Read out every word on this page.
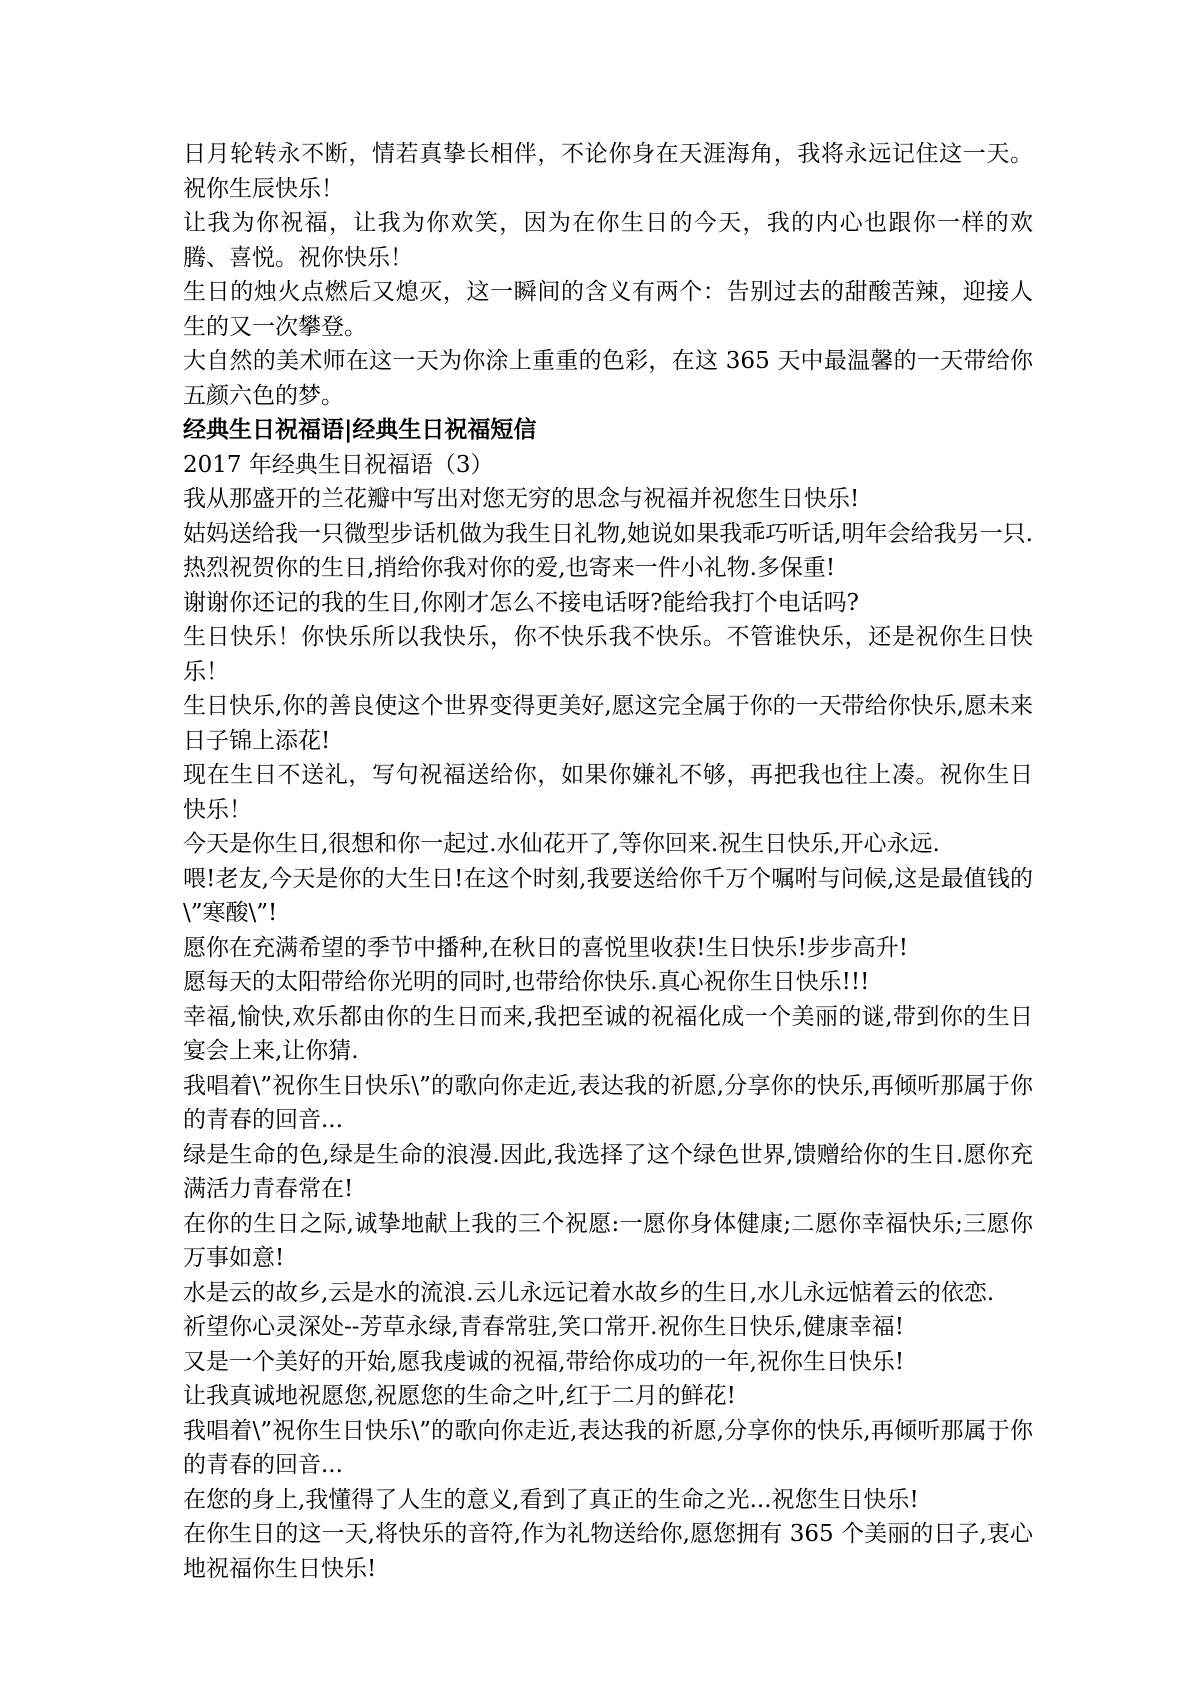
日月轮转永不断，情若真挚长相伴，不论你身在天涯海角，我将永远记住这一天。祝你生辰快乐！

让我为你祝福，让我为你欢笑，因为在你生日的今天，我的内心也跟你一样的欢腾、喜悦。祝你快乐！

生日的烛火点燃后又熄灭，这一瞬间的含义有两个：告别过去的甜酸苦辣，迎接人生的又一次攀登。

大自然的美术师在这一天为你涂上重重的色彩，在这 365 天中最温馨的一天带给你五颜六色的梦。

经典生日祝福语|经典生日祝福短信

2017 年经典生日祝福语（3）

我从那盛开的兰花瓣中写出对您无穷的思念与祝福并祝您生日快乐!

姑妈送给我一只微型步话机做为我生日礼物,她说如果我乖巧听话,明年会给我另一只.

热烈祝贺你的生日,捎给你我对你的爱,也寄来一件小礼物.多保重!

谢谢你还记的我的生日,你刚才怎么不接电话呀?能给我打个电话吗?

生日快乐！你快乐所以我快乐，你不快乐我不快乐。不管谁快乐，还是祝你生日快乐！

生日快乐,你的善良使这个世界变得更美好,愿这完全属于你的一天带给你快乐,愿未来日子锦上添花!

现在生日不送礼，写句祝福送给你，如果你嫌礼不够，再把我也往上凑。祝你生日快乐！

今天是你生日,很想和你一起过.水仙花开了,等你回来.祝生日快乐,开心永远.

喂!老友,今天是你的大生日!在这个时刻,我要送给你千万个嘱咐与问候,这是最值钱的\”寒酸\”!

愿你在充满希望的季节中播种,在秋日的喜悦里收获!生日快乐!步步高升!

愿每天的太阳带给你光明的同时,也带给你快乐.真心祝你生日快乐!!!

幸福,愉快,欢乐都由你的生日而来,我把至诚的祝福化成一个美丽的谜,带到你的生日宴会上来,让你猜.

我唱着\”祝你生日快乐\”的歌向你走近,表达我的祈愿,分享你的快乐,再倾听那属于你的青春的回音...

绿是生命的色,绿是生命的浪漫.因此,我选择了这个绿色世界,馈赠给你的生日.愿你充满活力青春常在!

在你的生日之际,诚挚地献上我的三个祝愿:一愿你身体健康;二愿你幸福快乐;三愿你万事如意!

水是云的故乡,云是水的流浪.云儿永远记着水故乡的生日,水儿永远惦着云的依恋.

祈望你心灵深处--芳草永绿,青春常驻,笑口常开.祝你生日快乐,健康幸福!

又是一个美好的开始,愿我虔诚的祝福,带给你成功的一年,祝你生日快乐!

让我真诚地祝愿您,祝愿您的生命之叶,红于二月的鲜花!

我唱着\”祝你生日快乐\”的歌向你走近,表达我的祈愿,分享你的快乐,再倾听那属于你的青春的回音...

在您的身上,我懂得了人生的意义,看到了真正的生命之光...祝您生日快乐!

在你生日的这一天,将快乐的音符,作为礼物送给你,愿您拥有 365 个美丽的日子,衷心地祝福你生日快乐!
